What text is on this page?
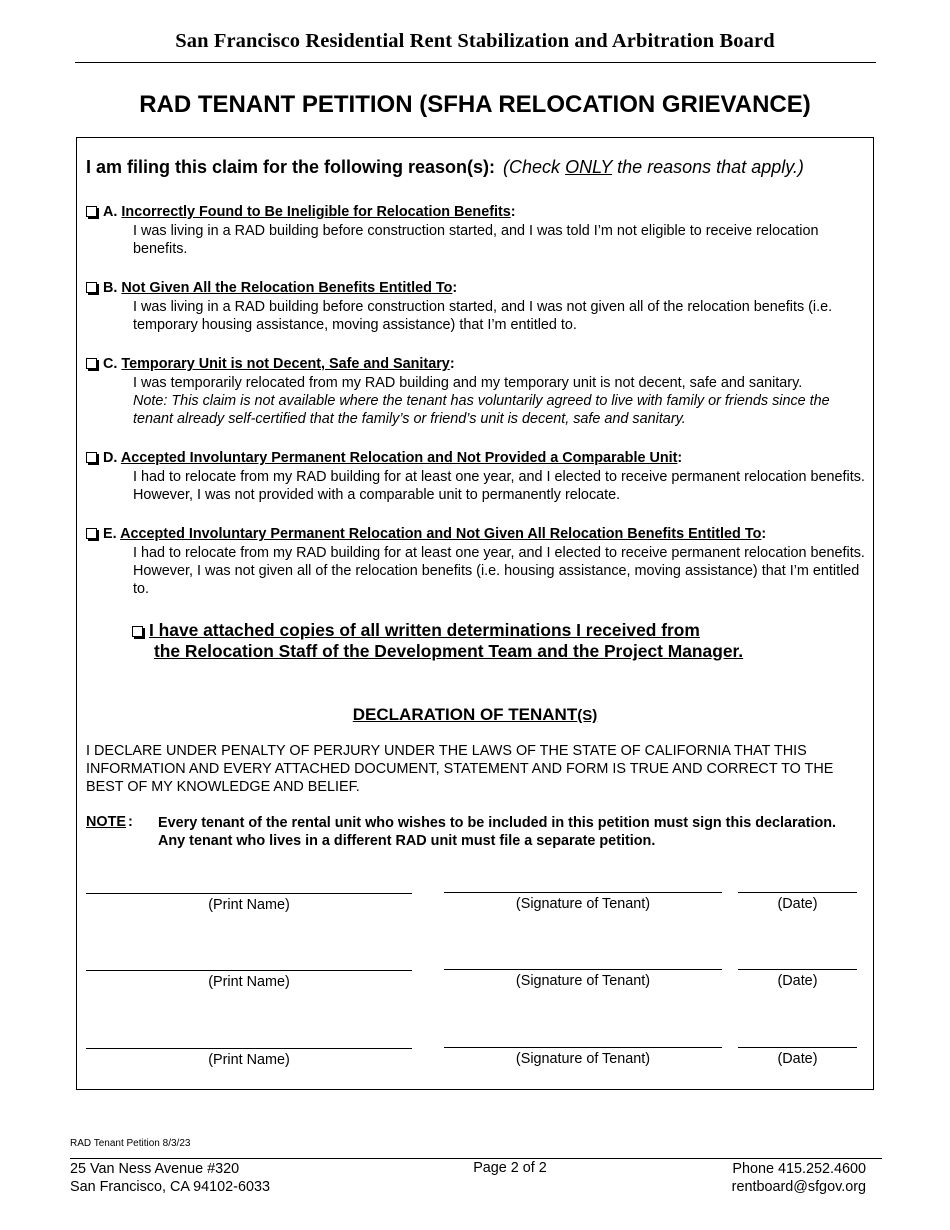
San Francisco Residential Rent Stabilization and Arbitration Board
RAD TENANT PETITION (SFHA RELOCATION GRIEVANCE)
I am filing this claim for the following reason(s): (Check ONLY the reasons that apply.)
A. Incorrectly Found to Be Ineligible for Relocation Benefits:

I was living in a RAD building before construction started, and I was told I’m not eligible to receive relocation benefits.

B. Not Given All the Relocation Benefits Entitled To:

I was living in a RAD building before construction started, and I was not given all of the relocation benefits (i.e. temporary housing assistance, moving assistance) that I’m entitled to.

C. Temporary Unit is not Decent, Safe and Sanitary:

I was temporarily relocated from my RAD building and my temporary unit is not decent, safe and sanitary.

Note: This claim is not available where the tenant has voluntarily agreed to live with family or friends since the tenant already self-certified that the family’s or friend’s unit is decent, safe and sanitary.

D. Accepted Involuntary Permanent Relocation and Not Provided a Comparable Unit:

I had to relocate from my RAD building for at least one year, and I elected to receive permanent relocation benefits. However, I was not provided with a comparable unit to permanently relocate.

E. Accepted Involuntary Permanent Relocation and Not Given All Relocation Benefits Entitled To:

I had to relocate from my RAD building for at least one year, and I elected to receive permanent relocation benefits. However, I was not given all of the relocation benefits (i.e. housing assistance, moving assistance) that I’m entitled to.

I have attached copies of all written determinations I received from
the Relocation Staff of the Development Team and the Project Manager.
DECLARATION OF TENANT(S)
I DECLARE UNDER PENALTY OF PERJURY UNDER THE LAWS OF THE STATE OF CALIFORNIA THAT THIS INFORMATION AND EVERY ATTACHED DOCUMENT, STATEMENT AND FORM IS TRUE AND CORRECT TO THE BEST OF MY KNOWLEDGE AND BELIEF.
NOTE : Every tenant of the rental unit who wishes to be included in this petition must sign this declaration. Any tenant who lives in a different RAD unit must file a separate petition.
(Print Name)	(Signature of Tenant)	(Date)
(Print Name)	(Signature of Tenant)	(Date)
(Print Name)	(Signature of Tenant)	(Date)
RAD Tenant Petition 8/3/23
25 Van Ness Avenue #320
San Francisco, CA 94102-6033
Page 2 of 2	Phone 415.252.4600
rentboard@sfgov.org
